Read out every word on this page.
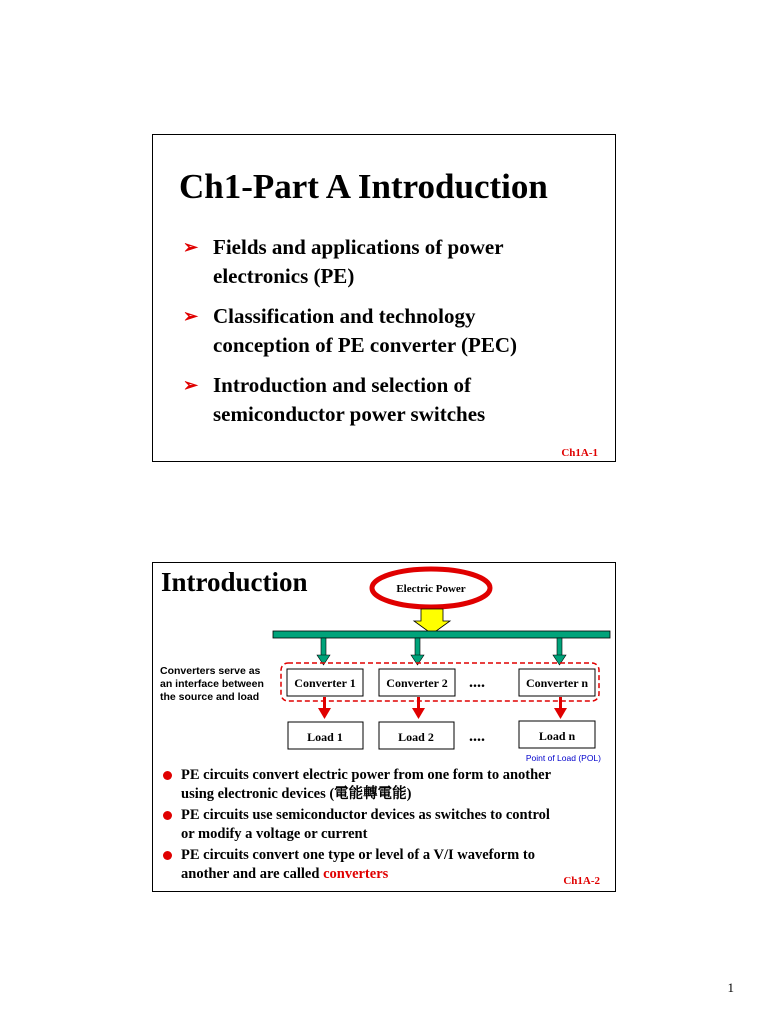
Ch1-Part A Introduction
➢ Fields and applications of power
electronics (PE)
➢ Classification and technology
conception of PE converter (PEC)
➢ Introduction and selection of
semiconductor power switches
Ch1A-1
Introduction	Electric Power
Converters serve as
an interface between
the source and load
Converter 1	Converter 2 ....	Converter n
Load 1	Load 2 ....	Load n
Point of Load (POL)
PE circuits convert electric power from one form to another
using electronic devices (電能轉電能)
PE circuits use semiconductor devices as switches to control
or modify a voltage or current
PE circuits convert one type or level of a V/I waveform to
another and are called converters	Ch1A-2
1
